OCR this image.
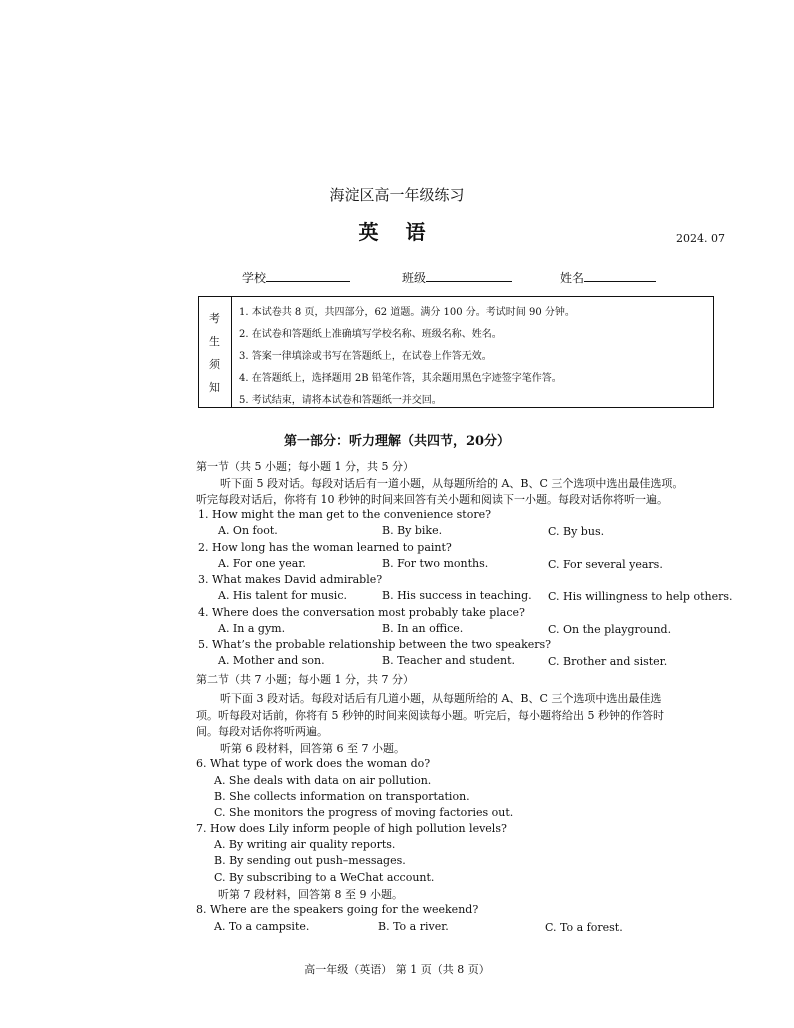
海淀区高一年级练习
英 语	2024. 07
学校	班级	姓名
考
生
须
知
1. 本试卷共 8 页，共四部分，62 道题。满分 100 分。考试时间 90 分钟。
2. 在试卷和答题纸上准确填写学校名称、班级名称、姓名。
3. 答案一律填涂或书写在答题纸上，在试卷上作答无效。
4. 在答题纸上，选择题用 2B 铅笔作答，其余题用黑色字迹签字笔作答。
5. 考试结束，请将本试卷和答题纸一并交回。
第一部分：听力理解（共四节，20分）
第一节（共 5 小题；每小题 1 分，共 5 分）
听下面 5 段对话。每段对话后有一道小题，从每题所给的 A、B、C 三个选项中选出最佳选项。
听完每段对话后，你将有 10 秒钟的时间来回答有关小题和阅读下一小题。每段对话你将听一遍。
1. How might the man get to the convenience store?
A. On foot.	B. By bike.	C. By bus.
2. How long has the woman learned to paint?
A. For one year.	B. For two months.	C. For several years.
3. What makes David admirable?
A. His talent for music.	B. His success in teaching. C. His willingness to help others.
4. Where does the conversation most probably take place?
A. In a gym.	B. In an office.	C. On the playground.
5. What’s the probable relationship between the two speakers?
A. Mother and son.	B. Teacher and student.	C. Brother and sister.
第二节（共 7 小题；每小题 1 分，共 7 分）
听下面 3 段对话。每段对话后有几道小题，从每题所给的 A、B、C 三个选项中选出最佳选
项。听每段对话前，你将有 5 秒钟的时间来阅读每小题。听完后，每小题将给出 5 秒钟的作答时
间。每段对话你将听两遍。
听第 6 段材料，回答第 6 至 7 小题。
6. What type of work does the woman do?
A. She deals with data on air pollution.
B. She collects information on transportation.
C. She monitors the progress of moving factories out.
7. How does Lily inform people of high pollution levels?
A. By writing air quality reports.
B. By sending out push–messages.
C. By subscribing to a WeChat account.
听第 7 段材料，回答第 8 至 9 小题。
8. Where are the speakers going for the weekend?
A. To a campsite.	B. To a river.	C. To a forest.
高一年级（英语） 第 1 页（共 8 页）
